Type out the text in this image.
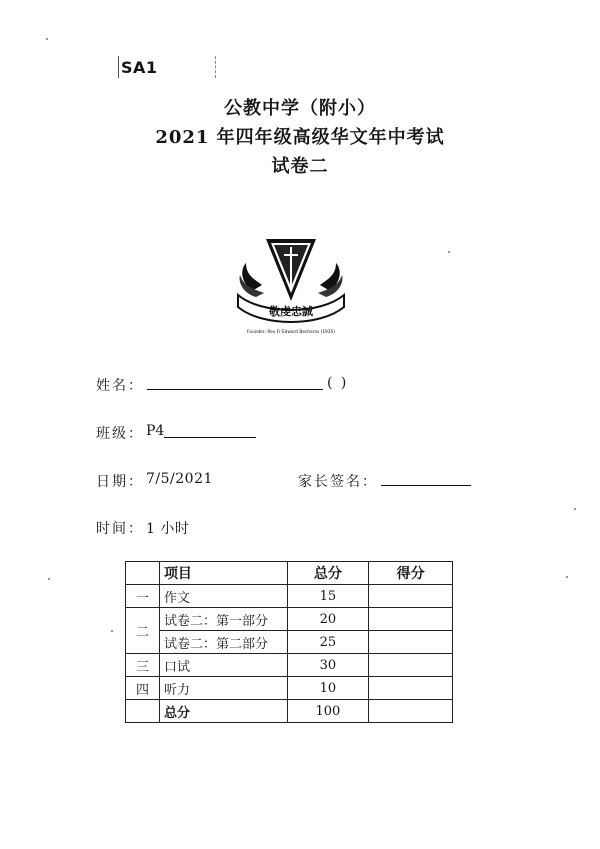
SA1
公教中学（附小）
2021 年四年级高级华文年中考试
试卷二
敬虔忠誠
Founder: Rev Fr Edward Becheras (1935)
姓名：	( )
班级： P4
日期： 7/5/2021	家长签名：
时间： 1 小时
	项目	总分	得分
一	作文	15	
二	试卷二：第一部分	20	
	试卷二：第二部分	25	
三	口试	30	
四	听力	10	
	总分	100	
